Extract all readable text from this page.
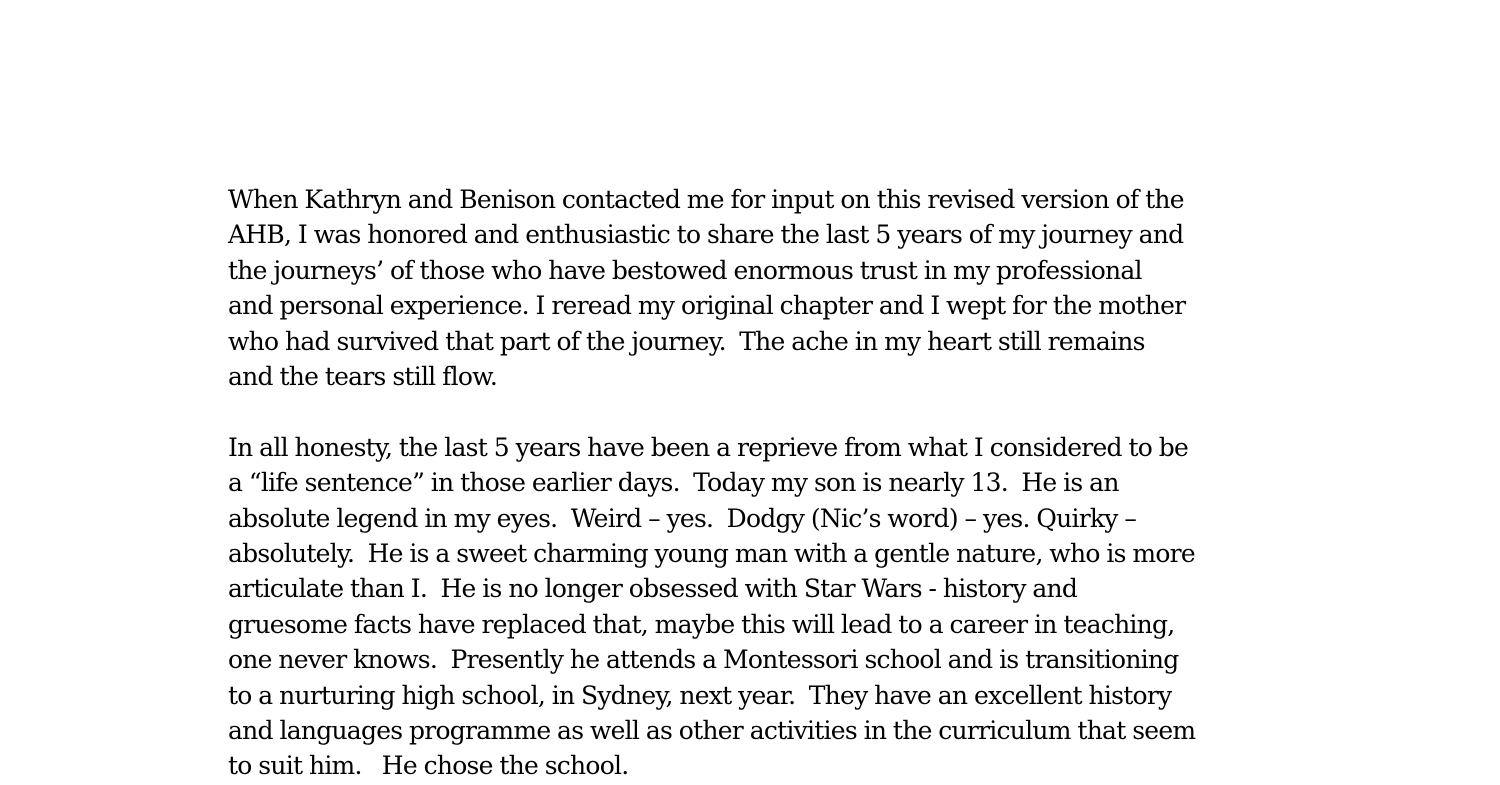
When Kathryn and Benison contacted me for input on this revised version of the
AHB, I was honored and enthusiastic to share the last 5 years of my journey and
the journeys’ of those who have bestowed enormous trust in my professional
and personal experience. I reread my original chapter and I wept for the mother
who had survived that part of the journey.  The ache in my heart still remains
and the tears still flow.

In all honesty, the last 5 years have been a reprieve from what I considered to be
a “life sentence” in those earlier days.  Today my son is nearly 13.  He is an
absolute legend in my eyes.  Weird – yes.  Dodgy (Nic’s word) – yes. Quirky –
absolutely.  He is a sweet charming young man with a gentle nature, who is more
articulate than I.  He is no longer obsessed with Star Wars - history and
gruesome facts have replaced that, maybe this will lead to a career in teaching,
one never knows.  Presently he attends a Montessori school and is transitioning
to a nurturing high school, in Sydney, next year.  They have an excellent history
and languages programme as well as other activities in the curriculum that seem
to suit him.   He chose the school.
